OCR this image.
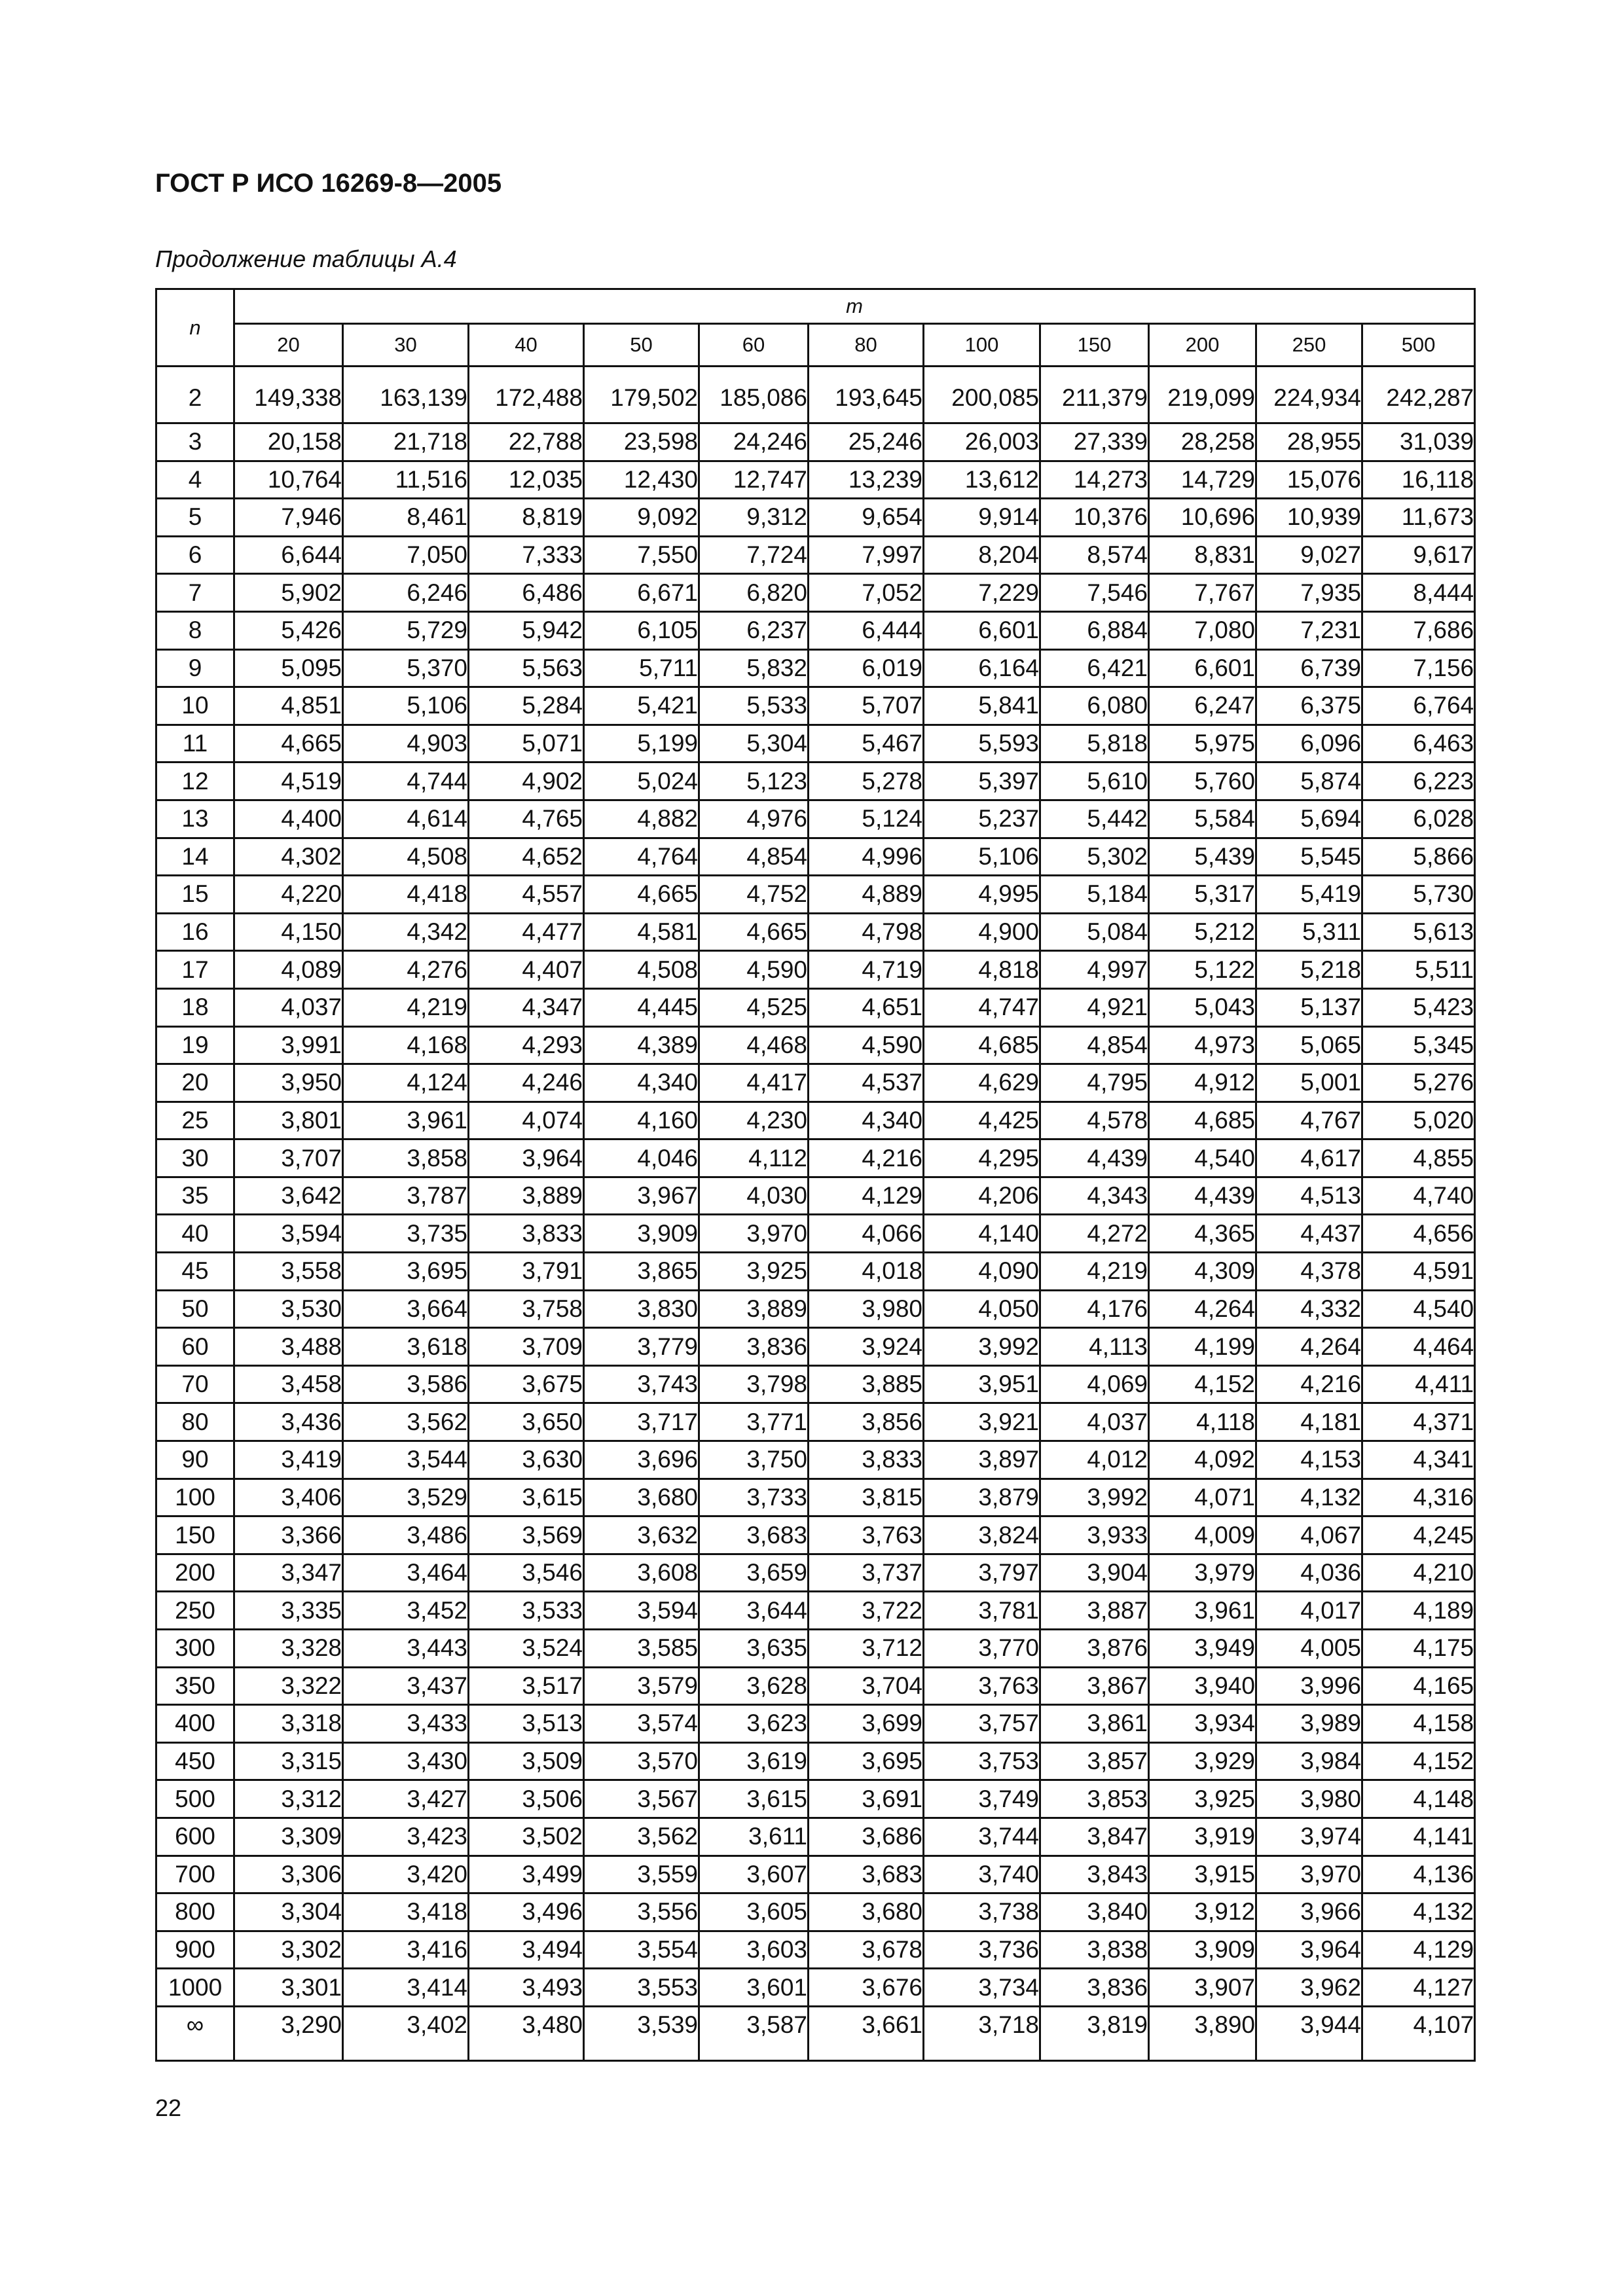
ГОСТ Р ИСО 16269-8—2005
Продолжение таблицы А.4
n	m										
	20	30	40	50	60	80	100	150	200	250	500
2	149,338	163,139	172,488	179,502	185,086	193,645	200,085	211,379	219,099	224,934	242,287
3	20,158	21,718	22,788	23,598	24,246	25,246	26,003	27,339	28,258	28,955	31,039
4	10,764	11,516	12,035	12,430	12,747	13,239	13,612	14,273	14,729	15,076	16,118
5	7,946	8,461	8,819	9,092	9,312	9,654	9,914	10,376	10,696	10,939	11,673
6	6,644	7,050	7,333	7,550	7,724	7,997	8,204	8,574	8,831	9,027	9,617
7	5,902	6,246	6,486	6,671	6,820	7,052	7,229	7,546	7,767	7,935	8,444
8	5,426	5,729	5,942	6,105	6,237	6,444	6,601	6,884	7,080	7,231	7,686
9	5,095	5,370	5,563	5,711	5,832	6,019	6,164	6,421	6,601	6,739	7,156
10	4,851	5,106	5,284	5,421	5,533	5,707	5,841	6,080	6,247	6,375	6,764
11	4,665	4,903	5,071	5,199	5,304	5,467	5,593	5,818	5,975	6,096	6,463
12	4,519	4,744	4,902	5,024	5,123	5,278	5,397	5,610	5,760	5,874	6,223
13	4,400	4,614	4,765	4,882	4,976	5,124	5,237	5,442	5,584	5,694	6,028
14	4,302	4,508	4,652	4,764	4,854	4,996	5,106	5,302	5,439	5,545	5,866
15	4,220	4,418	4,557	4,665	4,752	4,889	4,995	5,184	5,317	5,419	5,730
16	4,150	4,342	4,477	4,581	4,665	4,798	4,900	5,084	5,212	5,311	5,613
17	4,089	4,276	4,407	4,508	4,590	4,719	4,818	4,997	5,122	5,218	5,511
18	4,037	4,219	4,347	4,445	4,525	4,651	4,747	4,921	5,043	5,137	5,423
19	3,991	4,168	4,293	4,389	4,468	4,590	4,685	4,854	4,973	5,065	5,345
20	3,950	4,124	4,246	4,340	4,417	4,537	4,629	4,795	4,912	5,001	5,276
25	3,801	3,961	4,074	4,160	4,230	4,340	4,425	4,578	4,685	4,767	5,020
30	3,707	3,858	3,964	4,046	4,112	4,216	4,295	4,439	4,540	4,617	4,855
35	3,642	3,787	3,889	3,967	4,030	4,129	4,206	4,343	4,439	4,513	4,740
40	3,594	3,735	3,833	3,909	3,970	4,066	4,140	4,272	4,365	4,437	4,656
45	3,558	3,695	3,791	3,865	3,925	4,018	4,090	4,219	4,309	4,378	4,591
50	3,530	3,664	3,758	3,830	3,889	3,980	4,050	4,176	4,264	4,332	4,540
60	3,488	3,618	3,709	3,779	3,836	3,924	3,992	4,113	4,199	4,264	4,464
70	3,458	3,586	3,675	3,743	3,798	3,885	3,951	4,069	4,152	4,216	4,411
80	3,436	3,562	3,650	3,717	3,771	3,856	3,921	4,037	4,118	4,181	4,371
90	3,419	3,544	3,630	3,696	3,750	3,833	3,897	4,012	4,092	4,153	4,341
100	3,406	3,529	3,615	3,680	3,733	3,815	3,879	3,992	4,071	4,132	4,316
150	3,366	3,486	3,569	3,632	3,683	3,763	3,824	3,933	4,009	4,067	4,245
200	3,347	3,464	3,546	3,608	3,659	3,737	3,797	3,904	3,979	4,036	4,210
250	3,335	3,452	3,533	3,594	3,644	3,722	3,781	3,887	3,961	4,017	4,189
300	3,328	3,443	3,524	3,585	3,635	3,712	3,770	3,876	3,949	4,005	4,175
350	3,322	3,437	3,517	3,579	3,628	3,704	3,763	3,867	3,940	3,996	4,165
400	3,318	3,433	3,513	3,574	3,623	3,699	3,757	3,861	3,934	3,989	4,158
450	3,315	3,430	3,509	3,570	3,619	3,695	3,753	3,857	3,929	3,984	4,152
500	3,312	3,427	3,506	3,567	3,615	3,691	3,749	3,853	3,925	3,980	4,148
600	3,309	3,423	3,502	3,562	3,611	3,686	3,744	3,847	3,919	3,974	4,141
700	3,306	3,420	3,499	3,559	3,607	3,683	3,740	3,843	3,915	3,970	4,136
800	3,304	3,418	3,496	3,556	3,605	3,680	3,738	3,840	3,912	3,966	4,132
900	3,302	3,416	3,494	3,554	3,603	3,678	3,736	3,838	3,909	3,964	4,129
1000	3,301	3,414	3,493	3,553	3,601	3,676	3,734	3,836	3,907	3,962	4,127
∞	3,290	3,402	3,480	3,539	3,587	3,661	3,718	3,819	3,890	3,944	4,107
22
